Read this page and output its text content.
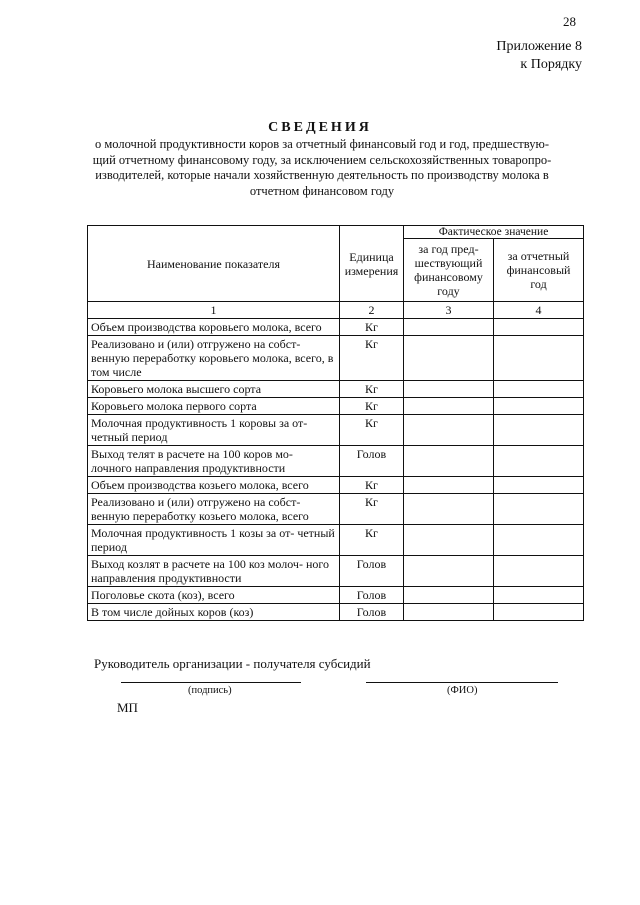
28
Приложение 8
к Порядку
СВЕДЕНИЯ
о молочной продуктивности коров за отчетный финансовый год и год, предшествую-
щий отчетному финансовому году, за исключением сельскохозяйственных товаропро-
изводителей, которые начали хозяйственную деятельность по производству молока в
отчетном финансовом году
Наименование показателя	Единица измерения	Фактическое значение	
		за год пред- шествующий финансовому году	за отчетный финансовый год
1	2	3	4
Объем производства коровьего молока, всего	Кг		
Реализовано и (или) отгружено на собст- венную переработку коровьего молока, всего, в том числе	Кг		
Коровьего молока высшего сорта	Кг		
Коровьего молока первого сорта	Кг		
Молочная продуктивность 1 коровы за от- четный период	Кг		
Выход телят в расчете на 100 коров мо- лочного направления продуктивности	Голов		
Объем производства козьего молока, всего	Кг		
Реализовано и (или) отгружено на собст- венную переработку козьего молока, всего	Кг		
Молочная продуктивность 1 козы за от- четный период	Кг		
Выход козлят в расчете на 100 коз молоч- ного направления продуктивности	Голов		
Поголовье скота (коз), всего	Голов		
В том числе дойных коров (коз)	Голов		
Руководитель организации - получателя субсидий
(подпись)	(ФИО)
МП
